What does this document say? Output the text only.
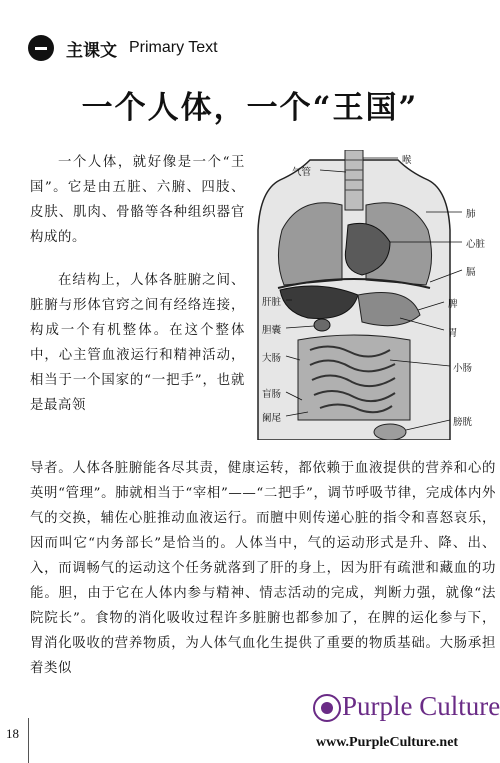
主课文 Primary Text
一个人体，一个“王国”

一个人体，就好像是一个“王国”。它是由五脏、六腑、四肢、皮肤、肌肉、骨骼等各种组织器官构成的。

在结构上，人体各脏腑之间、脏腑与形体官窍之间有经络连接，构成一个有机整体。在这个整体中，心主管血液运行和精神活动，相当于一个国家的“一把手”，也就是最高领

导者。人体各脏腑能各尽其责，健康运转，都依赖于血液提供的营养和心的英明“管理”。肺就相当于“宰相”——“二把手”，调节呼吸节律，完成体内外气的交换，辅佐心脏推动血液运行。而膻中则传递心脏的指令和喜怒哀乐，因而叫它“内务部长”是恰当的。人体当中，气的运动形式是升、降、出、入，而调畅气的运动这个任务就落到了肝的身上，因为肝有疏泄和藏血的功能。胆，由于它在人体内参与精神、情志活动的完成，判断力强，就像“法院院长”。食物的消化吸收过程许多脏腑也都参加了，在脾的运化参与下，胃消化吸收的营养物质，为人体气血化生提供了重要的物质基础。大肠承担着类似

喉
气管
肺
心脏
膈
肝脏	脾
胆囊	胃
大肠
小肠
盲肠
阑尾	膀胱
18
Purple Culture
www.PurpleCulture.net
